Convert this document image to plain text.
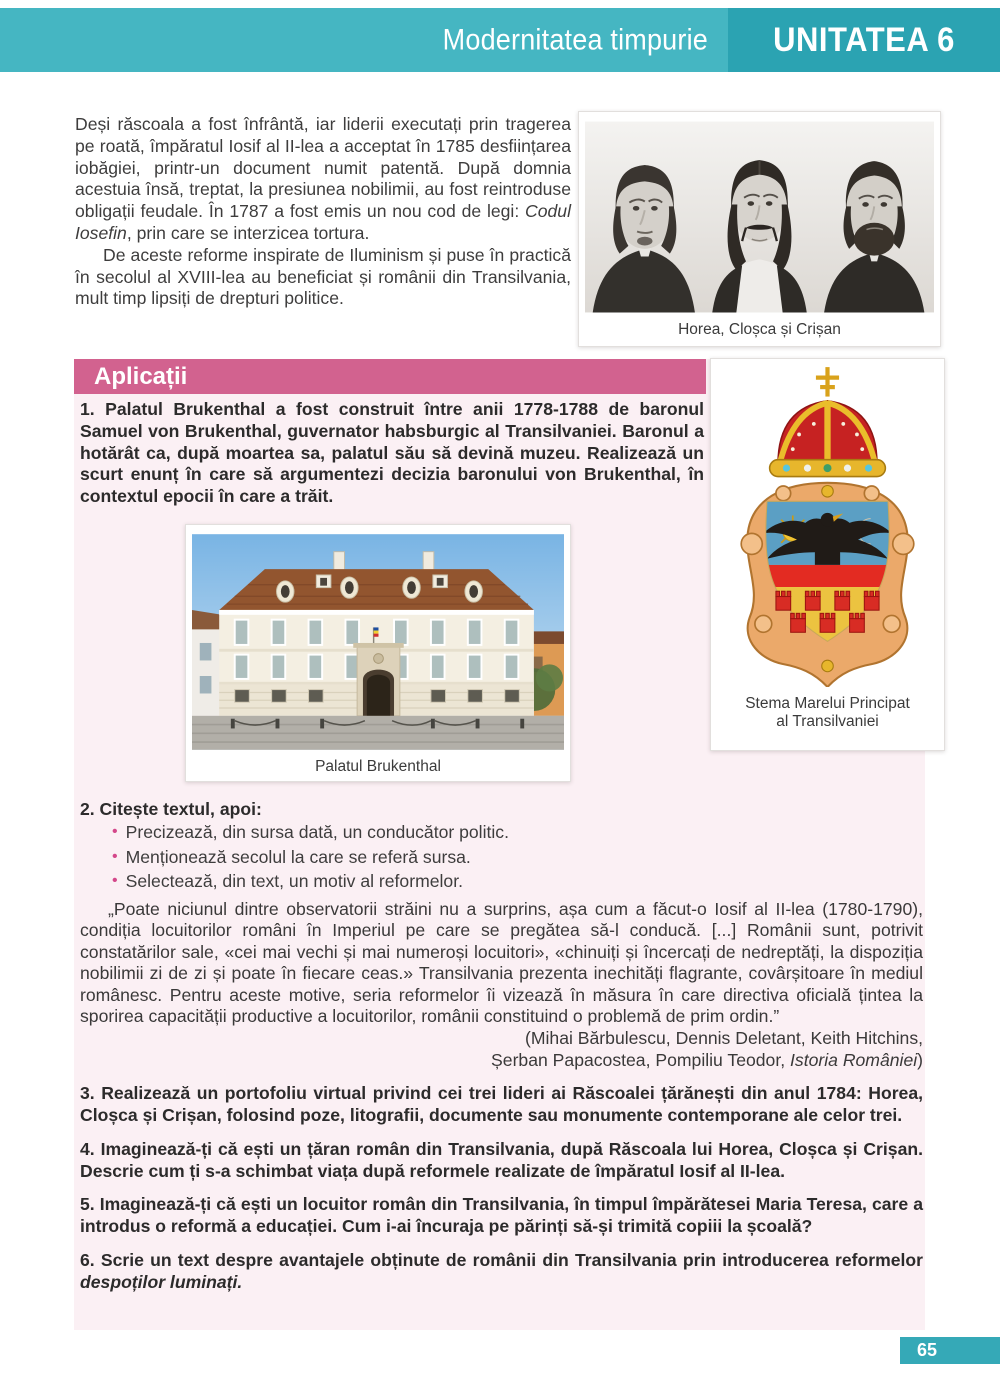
Modernitatea timpurie UNITATEA 6

Deși răscoala a fost înfrântă, iar liderii executați prin tragerea pe roată, împăratul Iosif al II-lea a acceptat în 1785 desființarea iobăgiei, printr-un document numit patentă. După domnia acestuia însă, treptat, la presiunea nobilimii, au fost reintroduse obligații feudale. În 1787 a fost emis un nou cod de legi: Codul Iosefin, prin care se interzicea tortura.

De aceste reforme inspirate de Iluminism și puse în practică în secolul al XVIII-lea au beneficiat și românii din Transilvania, mult timp lipsiți de drepturi politice.

Horea, Cloșca și Crișan
Aplicații
1. Palatul Brukenthal a fost construit între anii 1778-1788 de baronul Samuel von Brukenthal, guvernator habsburgic al Transilvaniei. Baronul a hotărât ca, după moartea sa, palatul său să devină muzeu. Realizează un scurt enunț în care să argumentezi decizia baronului von Brukenthal, în contextul epocii în care a trăit.
Palatul Brukenthal
Stema Marelui Principat
al Transilvaniei
2. Citește textul, apoi:
• Precizează, din sursa dată, un conducător politic.
• Menționează secolul la care se referă sursa.
• Selectează, din text, un motiv al reformelor.
„Poate niciunul dintre observatorii străini nu a surprins, așa cum a făcut-o Iosif al II-lea (1780-1790), condiția locuitorilor români în Imperiul pe care se pregătea să-l conducă. [...] Românii sunt, potrivit constatărilor sale, «cei mai vechi și mai numeroși locuitori», «chinuiți și încercați de nedreptăți, la dispoziția nobilimii zi de zi și poate în fiecare ceas.» Transilvania prezenta inechități flagrante, covârșitoare în mediul românesc. Pentru aceste motive, seria reformelor îi vizează în măsura în care directiva oficială țintea la sporirea capacității productive a locuitorilor, românii constituind o problemă de prim ordin.”
(Mihai Bărbulescu, Dennis Deletant, Keith Hitchins,
Șerban Papacostea, Pompiliu Teodor, Istoria României)
3. Realizează un portofoliu virtual privind cei trei lideri ai Răscoalei țărănești din anul 1784: Horea, Cloșca și Crișan, folosind poze, litografii, documente sau monumente contemporane ale celor trei.
4. Imaginează-ți că ești un țăran român din Transilvania, după Răscoala lui Horea, Cloșca și Crișan. Descrie cum ți s-a schimbat viața după reformele realizate de împăratul Iosif al II-lea.
5. Imaginează-ți că ești un locuitor român din Transilvania, în timpul împărătesei Maria Teresa, care a introdus o reformă a educației. Cum i-ai încuraja pe părinți să-și trimită copiii la școală?
6. Scrie un text despre avantajele obținute de românii din Transilvania prin introducerea reformelor despoților luminați.
65
